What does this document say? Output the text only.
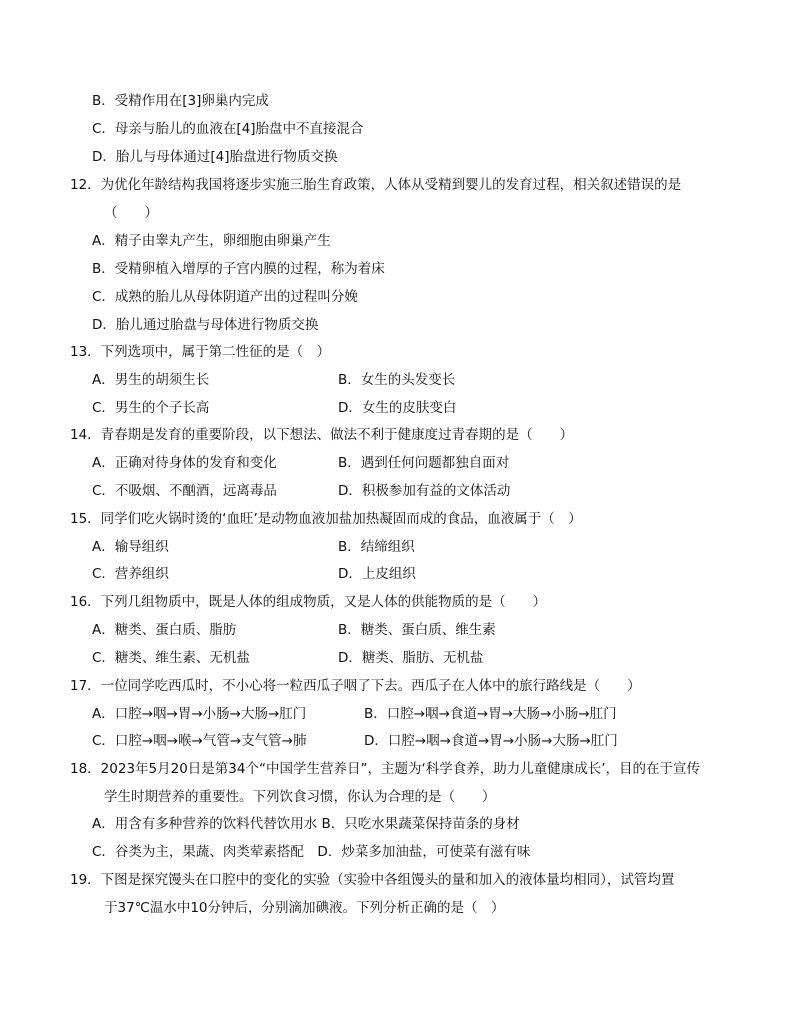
B．受精作用在[3]卵巢内完成
C．母亲与胎儿的血液在[4]胎盘中不直接混合
D．胎儿与母体通过[4]胎盘进行物质交换
12．为优化年龄结构我国将逐步实施三胎生育政策，人体从受精到婴儿的发育过程，相关叙述错误的是
（　　）
A．精子由睾丸产生，卵细胞由卵巢产生
B．受精卵植入增厚的子宫内膜的过程，称为着床
C．成熟的胎儿从母体阴道产出的过程叫分娩
D．胎儿通过胎盘与母体进行物质交换
13．下列选项中，属于第二性征的是（　）
A．男生的胡须生长	B．女生的头发变长
C．男生的个子长高	D．女生的皮肤变白
14．青春期是发育的重要阶段，以下想法、做法不利于健康度过青春期的是（　　）
A．正确对待身体的发育和变化	B．遇到任何问题都独自面对
C．不吸烟、不酗酒，远离毒品	D．积极参加有益的文体活动
15．同学们吃火锅时烫的‘血旺’是动物血液加盐加热凝固而成的食品，血液属于（　）
A．输导组织	B．结缔组织
C．营养组织	D．上皮组织
16．下列几组物质中，既是人体的组成物质，又是人体的供能物质的是（　　）
A．糖类、蛋白质、脂肪	B．糖类、蛋白质、维生素
C．糖类、维生素、无机盐	D．糖类、脂肪、无机盐
17．一位同学吃西瓜时，不小心将一粒西瓜子咽了下去。西瓜子在人体中的旅行路线是（　　）
A．口腔→咽→胃→小肠→大肠→肛门	B．口腔→咽→食道→胃→大肠→小肠→肛门
C．口腔→咽→喉→气管→支气管→肺	D．口腔→咽→食道→胃→小肠→大肠→肛门
18．2023年5月20日是第34个“中国学生营养日”，主题为‘科学食养，助力儿童健康成长’，目的在于宣传
学生时期营养的重要性。下列饮食习惯，你认为合理的是（　　）
A．用含有多种营养的饮料代替饮用水 B．只吃水果蔬菜保持苗条的身材
C．谷类为主，果蔬、肉类荤素搭配　D．炒菜多加油盐，可使菜有滋有味
19．下图是探究馒头在口腔中的变化的实验（实验中各组馒头的量和加入的液体量均相同），试管均置
于37℃温水中10分钟后，分别滴加碘液。下列分析正确的是（　）
